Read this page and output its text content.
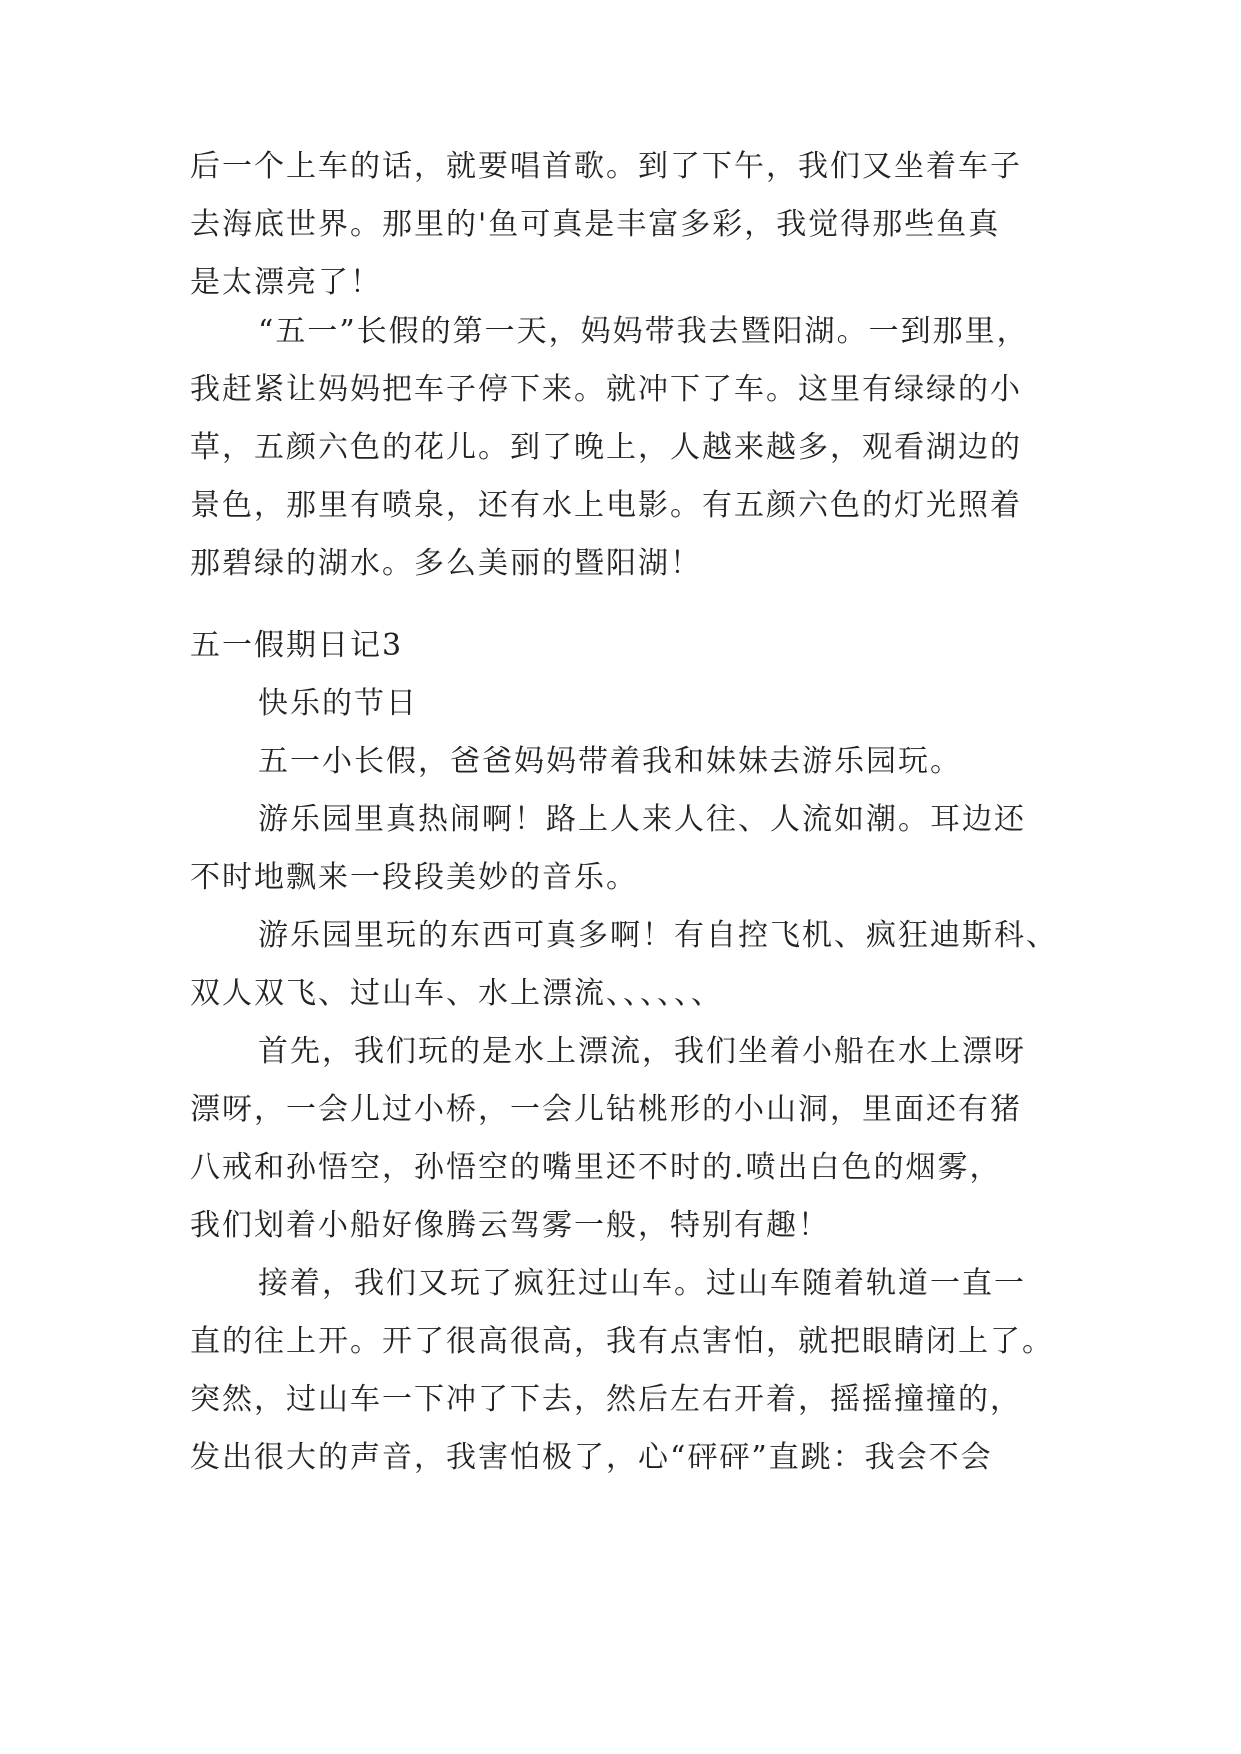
后一个上车的话，就要唱首歌。到了下午，我们又坐着车子
去海底世界。那里的'鱼可真是丰富多彩，我觉得那些鱼真
是太漂亮了！
“五一”长假的第一天，妈妈带我去暨阳湖。一到那里，
我赶紧让妈妈把车子停下来。就冲下了车。这里有绿绿的小
草，五颜六色的花儿。到了晚上，人越来越多，观看湖边的
景色，那里有喷泉，还有水上电影。有五颜六色的灯光照着
那碧绿的湖水。多么美丽的暨阳湖！
五一假期日记3
快乐的节日
五一小长假，爸爸妈妈带着我和妹妹去游乐园玩。
游乐园里真热闹啊！路上人来人往、人流如潮。耳边还
不时地飘来一段段美妙的音乐。
游乐园里玩的东西可真多啊！有自控飞机、疯狂迪斯科、
双人双飞、过山车、水上漂流、、、、、、
首先，我们玩的是水上漂流，我们坐着小船在水上漂呀
漂呀，一会儿过小桥，一会儿钻桃形的小山洞，里面还有猪
八戒和孙悟空，孙悟空的嘴里还不时的.喷出白色的烟雾，
我们划着小船好像腾云驾雾一般，特别有趣！
接着，我们又玩了疯狂过山车。过山车随着轨道一直一
直的往上开。开了很高很高，我有点害怕，就把眼睛闭上了。
突然，过山车一下冲了下去，然后左右开着，摇摇撞撞的，
发出很大的声音，我害怕极了，心“砰砰”直跳：我会不会
